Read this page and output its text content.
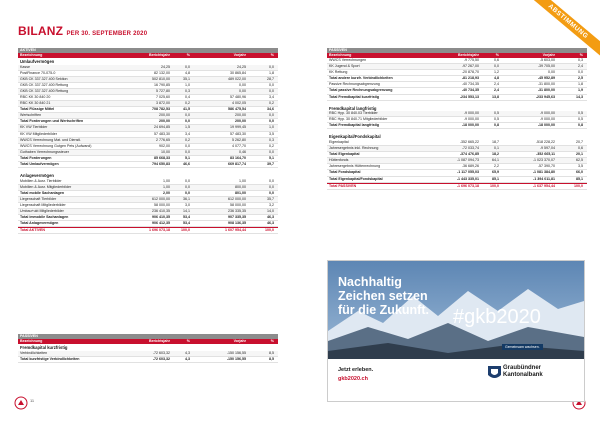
BILANZ PER 30. SEPTEMBER 2020
AKTIVEN
Bezeichnung	Berichtsjahr	%	Vorjahr	%
Umlaufvermögen
Kasse	24,25	0,0	24,25	0,0
PostFinance 70-075-0	82 132,00	4,8	30 865,84	1,8
GKB CK 337.327.400 Sektion	502 810,00	35,1	489 022,00	28,7
GKB CK 337.327.400 Rettung	16 790,85	1,0	0,00	0,0
GKB CK 337.327.400 Rettung	5 727,80	0,3	0,00	0,0
RBC KK 30 840 20	7 025,60	0,4	57 480,96	3,4
RBC KK 30 840 21	3 872,00	0,2	4 002,05	0,2
Total Flüssige Mittel	708 782,53	41,5	586 475,54	34,6
Wertschriften	200,00	0,0	200,00	0,0
Total Forderungen und Wertschriften	200,00	0,0	200,00	0,0
KK VW Tierbilder	24 694,85	1,5	19 999,45	1,0
KK VW Mitgliederbilder	57 483,30	3,4	57 483,30	3,5
WWCS Verrechnung Mat. und Dienstl.	2 776,65	0,2	5 262,80	0,3
WWCS Verrechnung Gutgen Pets (Aufwand)	902,00	0,0	4 077,70	0,2
Guthaben Verrechnungssteuer	10,00	0,0	0,46	0,0
Total Forderungen	85 668,33	5,1	83 164,70	5,1
Total Umlaufvermögen	794 650,83	46,6	669 817,74	39,7
Anlagevermögen
Mobilien & Ausr. Tierbilder	1,00	0,0	1,00	0,0
Mobilien & Ausr. Mitgliederbilder	1,00	0,0	800,00	0,0
Total mobile Sachanlagen	2,00	0,0	801,00	0,0
Liegenschaft Tierbilder	612 000,00	36,1	612 000,00	35,7
Liegenschaft Mitgliederbilder	58 000,00	3,0	58 000,00	3,2
Umbau+ukt Mitgliederbilder	236 410,35	14,1	236 335,35	14,0
Total immobile Sachanlagen	906 410,35	53,4	907 335,35	46,3
Total Anlagevermögen	906 412,35	53,4	908 136,35	46,3
Total AKTIVEN	1 696 073,18	100,0	1 607 954,44	100,0
PASSIVEN
Bezeichnung	Berichtsjahr	%	Vorjahr	%
Fremdkapital kurzfristig
Verbindlichkeiten	-72 603,32	4,3	-150 156,55	8,5
Total kurzfristige Verbindlichkeiten	-72 603,32	4,3	-150 156,55	8,5
11
ABSTIMMUNG
PASSIVEN
Bezeichnung	Berichtsjahr	%	Vorjahr	%
WWCS Verrechnungen	-9 775,50	0,6	-5 603,00	0,3
KK Jugend & Sport	-97 267,00	0,0	-39 705,00	2,4
KK Rettung	-20 878,70	1,2	0,00	0,0
Total andere kurzfr. Verbindlichkeiten	-81 218,93	4,8	-45 952,89	2,5
Passive Rechnungsabgrenzung	-40 734,35	2,4	-31 800,00	1,8
Total passive Rechnungsabgrenzung	-40 734,35	2,4	-31 800,00	1,9
Total Fremdkapital kurzfristig	-234 553,13	13,8	-233 945,63	14,3
Fremdkapital langfristig
RBC Hyp. 30 840.03 Tierbilder	-9 000,00	0,5	-9 000,00	0,5
RBC Hyp. 30 840.71 Mitgliederbilder	-9 000,00	0,5	-9 000,00	0,5
Total Fremdkapital langfristig	-18 000,00	0,8	-18 000,00	0,8
Eigenkapital/Fondskapital
Eigenkapital	-352 665,22	18,7	-518 228,22	20,7
Jahresergebnis inkl. Rechnung	-72 033,74	0,1	-9 597,04	0,6
Total Eigenkapital	-374 476,85	18,2	-352 665,11	20,1
Hüttenfonds	-1 087 094,73	64,1	-1 023 370,07	62,5
Jahresergebnis Hüttenrechnung	-36 689,26	2,2	-57 390,70	3,5
Total Fondskapital	-1 117 055,03	65,9	-1 081 384,80	66,0
Total Eigenkapital/Fondskapital	-1 443 335,01	85,1	-1 394 011,81	85,1
Total PASSIVEN	-1 696 073,18	100,0	-1 637 954,44	100,0
Nachhaltig
Zeichen setzen
für die Zukunft. #gkb2020
Gemeinsam wachsen.
Jetzt erleben.
gkb2020.ch
Graubündner
Kantonalbank
